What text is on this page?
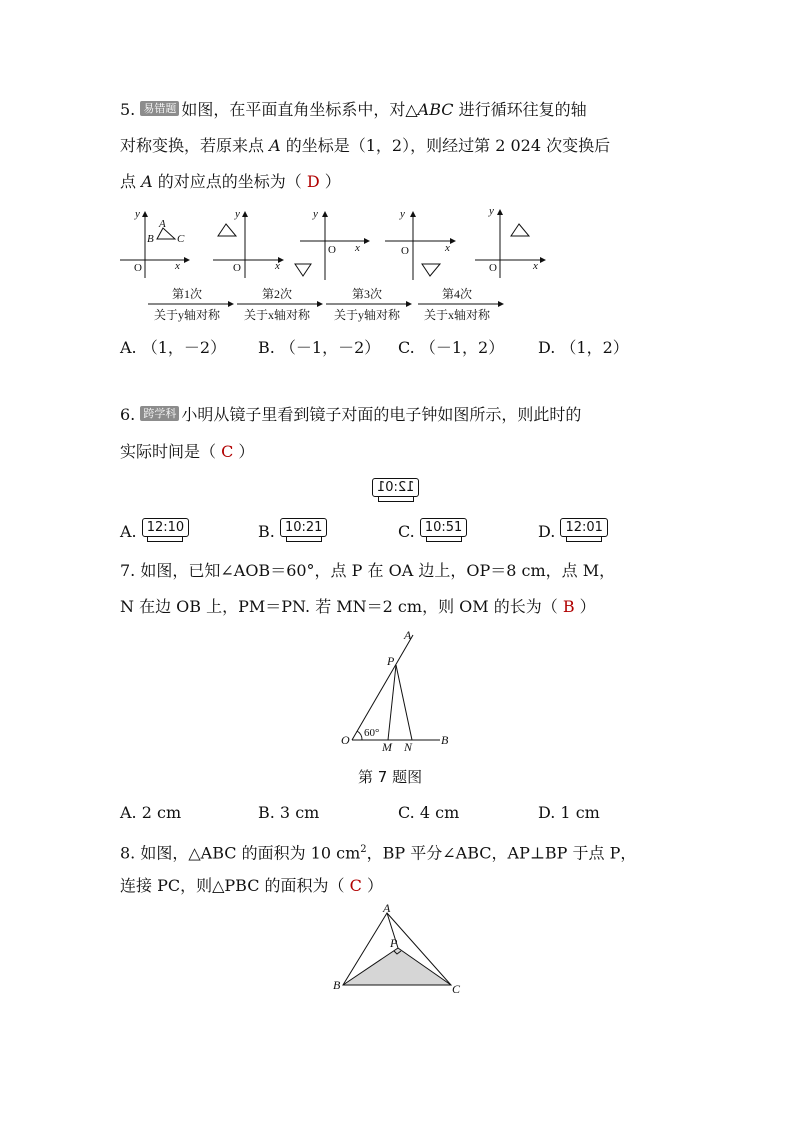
5. 易错题 如图，在平面直角坐标系中，对△ABC 进行循环往复的轴
对称变换，若原来点 A 的坐标是（1，2），则经过第 2 024 次变换后
点 A 的对应点的坐标为（ D ）
y
x
O
A
B C
y
x
O
y
x
O
y
x
O
y
x
O
第1次
关于y轴对称
第2次
关于x轴对称
第3次
关于y轴对称
第4次
关于x轴对称
A. （1，－2） B. （－1，－2） C. （－1，2） D. （1，2）
6. 跨学科 小明从镜子里看到镜子对面的电子钟如图所示，则此时的
实际时间是（ C ）
12:01
A. 12:10	B. 10:21	C. 10:51	D. 12:01
7. 如图，已知∠AOB＝60°，点 P 在 OA 边上，OP＝8 cm，点 M，
N 在边 OB 上，PM＝PN. 若 MN＝2 cm，则 OM 的长为（ B ）
A
P
O	M N B
60°
第 7 题图
A. 2 cm	B. 3 cm	C. 4 cm	D. 1 cm
8. 如图，△ABC 的面积为 10 $cm^2$，BP 平分∠ABC，AP⊥BP 于点 P，
连接 PC，则△PBC 的面积为（ C ）
A
P
B	C
